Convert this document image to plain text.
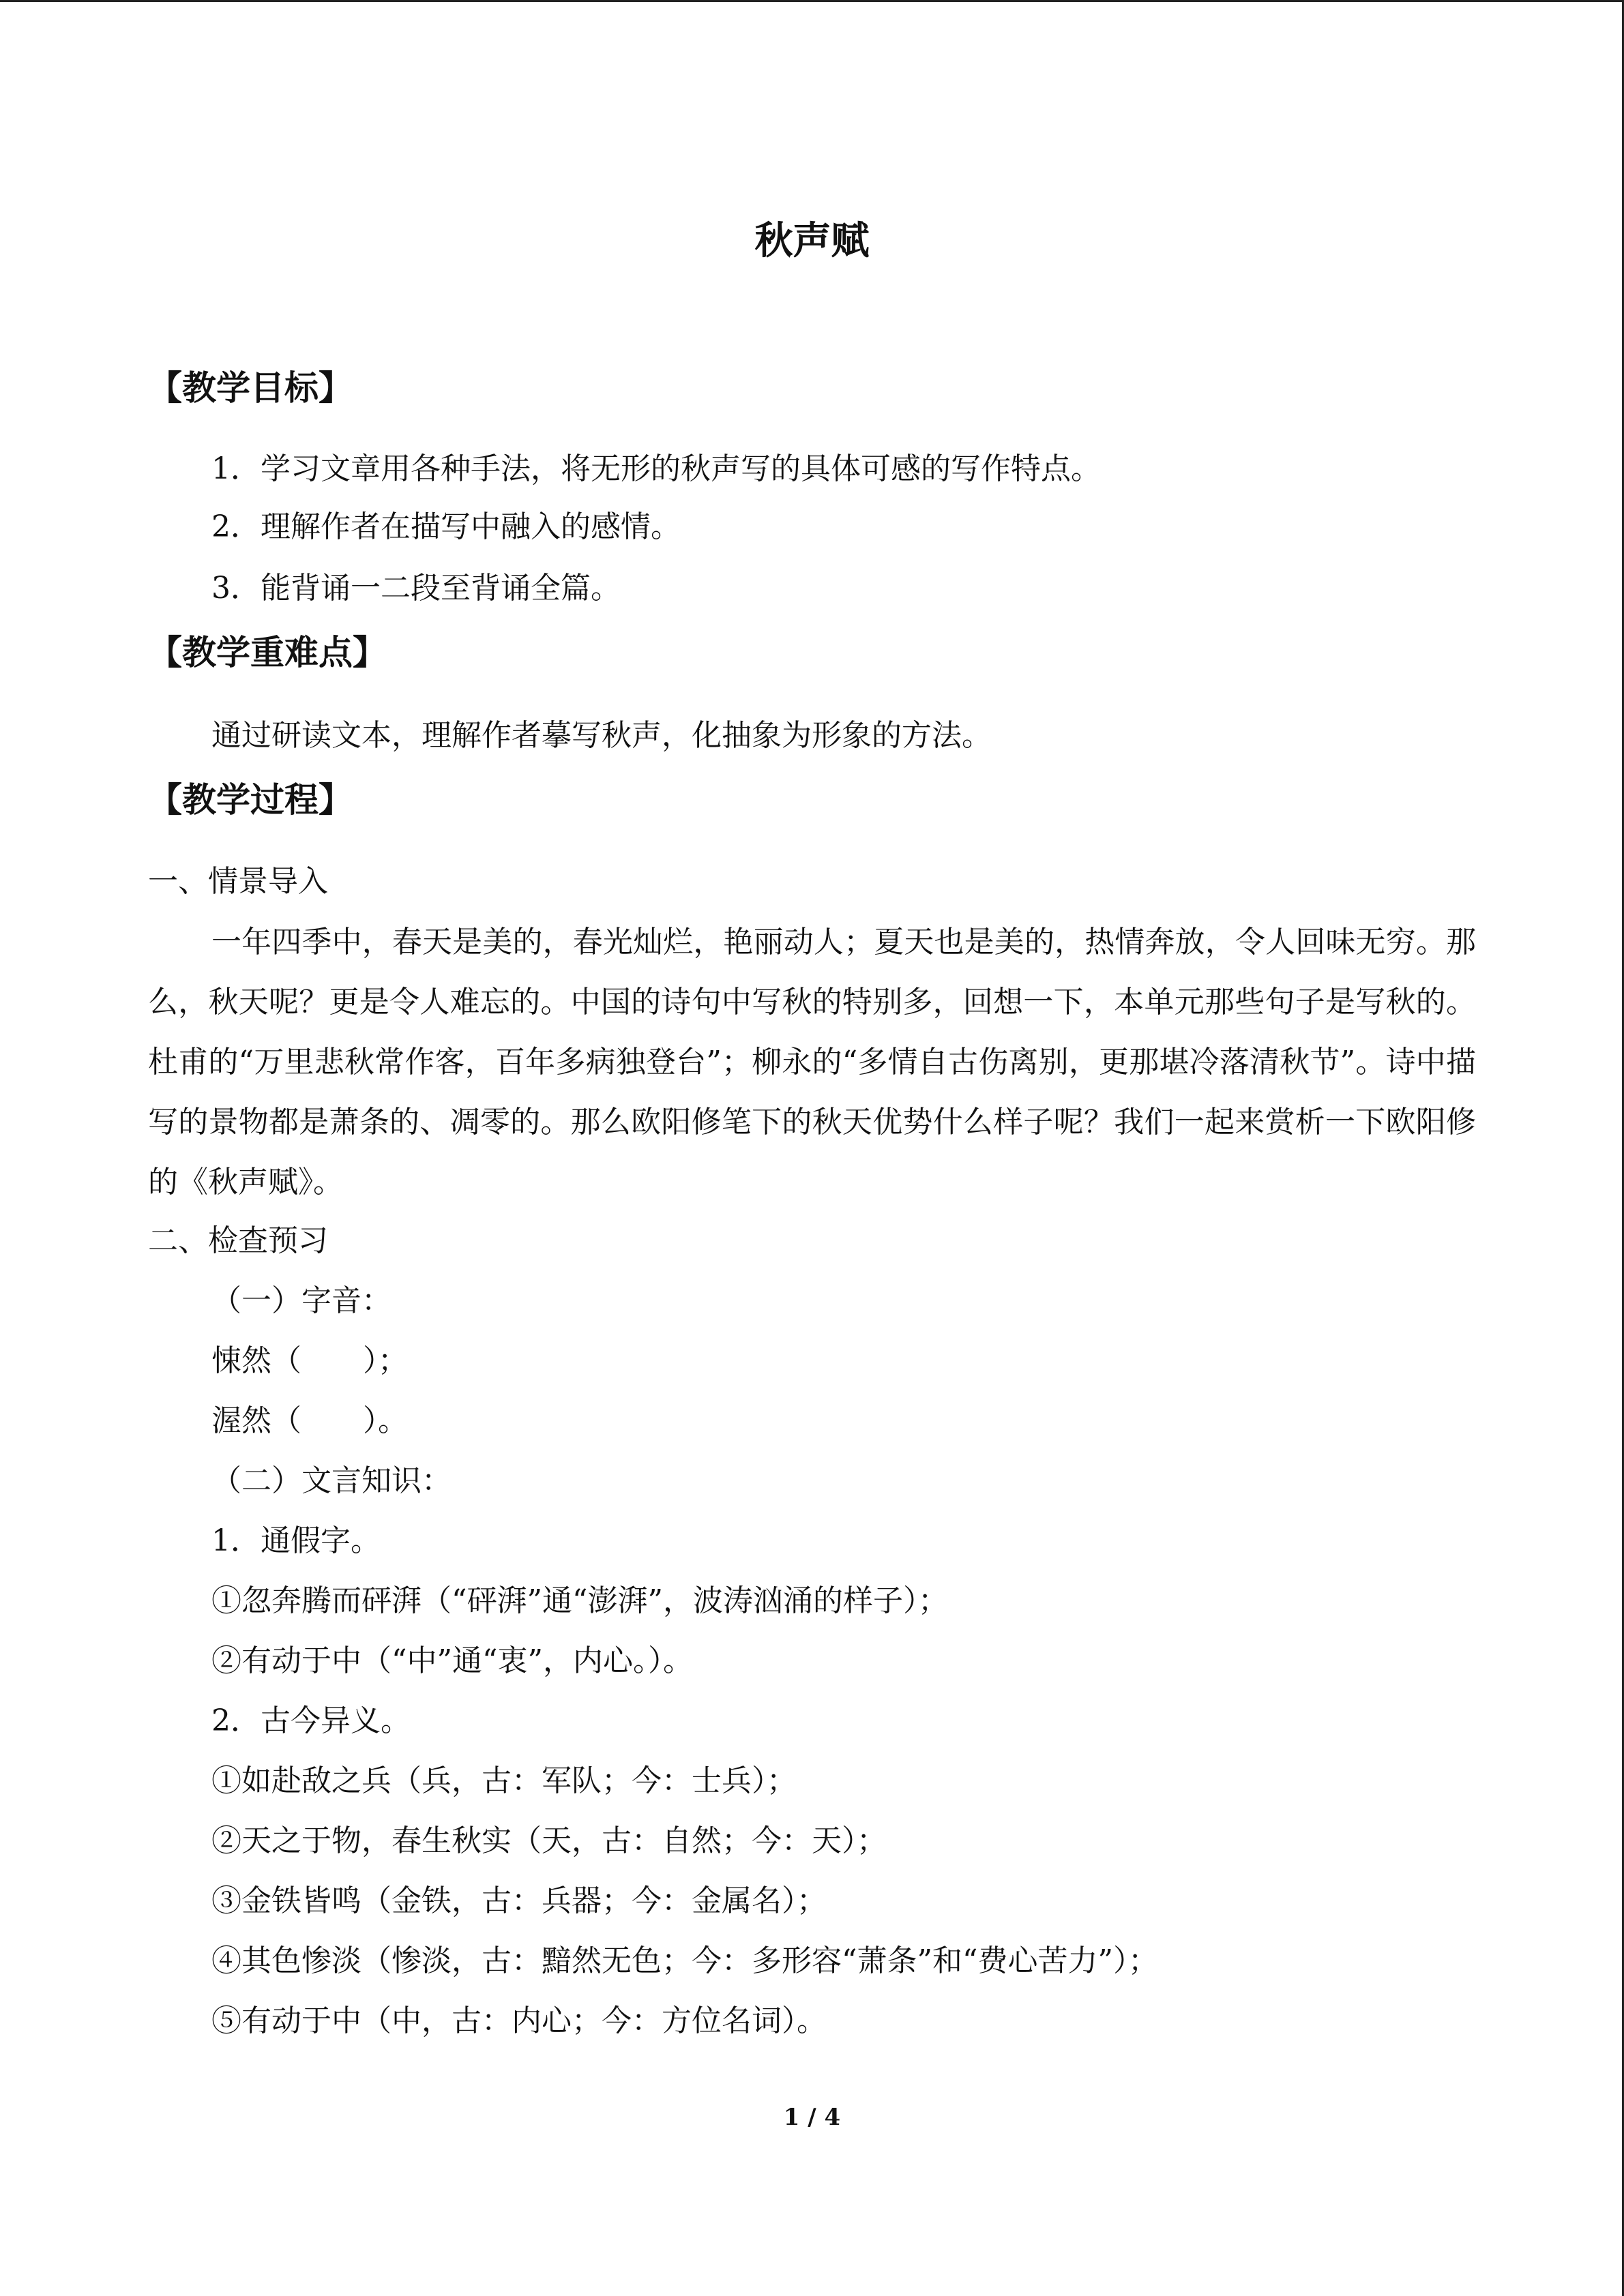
秋声赋
【教学目标】
1．学习文章用各种手法，将无形的秋声写的具体可感的写作特点。
2．理解作者在描写中融入的感情。
3．能背诵一二段至背诵全篇。
【教学重难点】
通过研读文本，理解作者摹写秋声，化抽象为形象的方法。
【教学过程】
一、情景导入
一年四季中，春天是美的，春光灿烂，艳丽动人；夏天也是美的，热情奔放，令人回味无穷。那么，秋天呢？更是令人难忘的。中国的诗句中写秋的特别多，回想一下，本单元那些句子是写秋的。杜甫的“万里悲秋常作客，百年多病独登台”；柳永的“多情自古伤离别，更那堪冷落清秋节”。诗中描写的景物都是萧条的、凋零的。那么欧阳修笔下的秋天优势什么样子呢？我们一起来赏析一下欧阳修的《秋声赋》。
二、检查预习
（一）字音：
悚然（ ）；
渥然（ ）。
（二）文言知识：
1．通假字。
①忽奔腾而砰湃（“砰湃”通“澎湃”，波涛汹涌的样子）；
②有动于中（“中”通“衷”，内心。）。
2．古今异义。
①如赴敌之兵（兵，古：军队；今：士兵）；
②天之于物，春生秋实（天，古：自然；今：天）；
③金铁皆鸣（金铁，古：兵器；今：金属名）；
④其色惨淡（惨淡，古：黯然无色；今：多形容“萧条”和“费心苦力”）；
⑤有动于中（中，古：内心；今：方位名词）。
1 / 4
